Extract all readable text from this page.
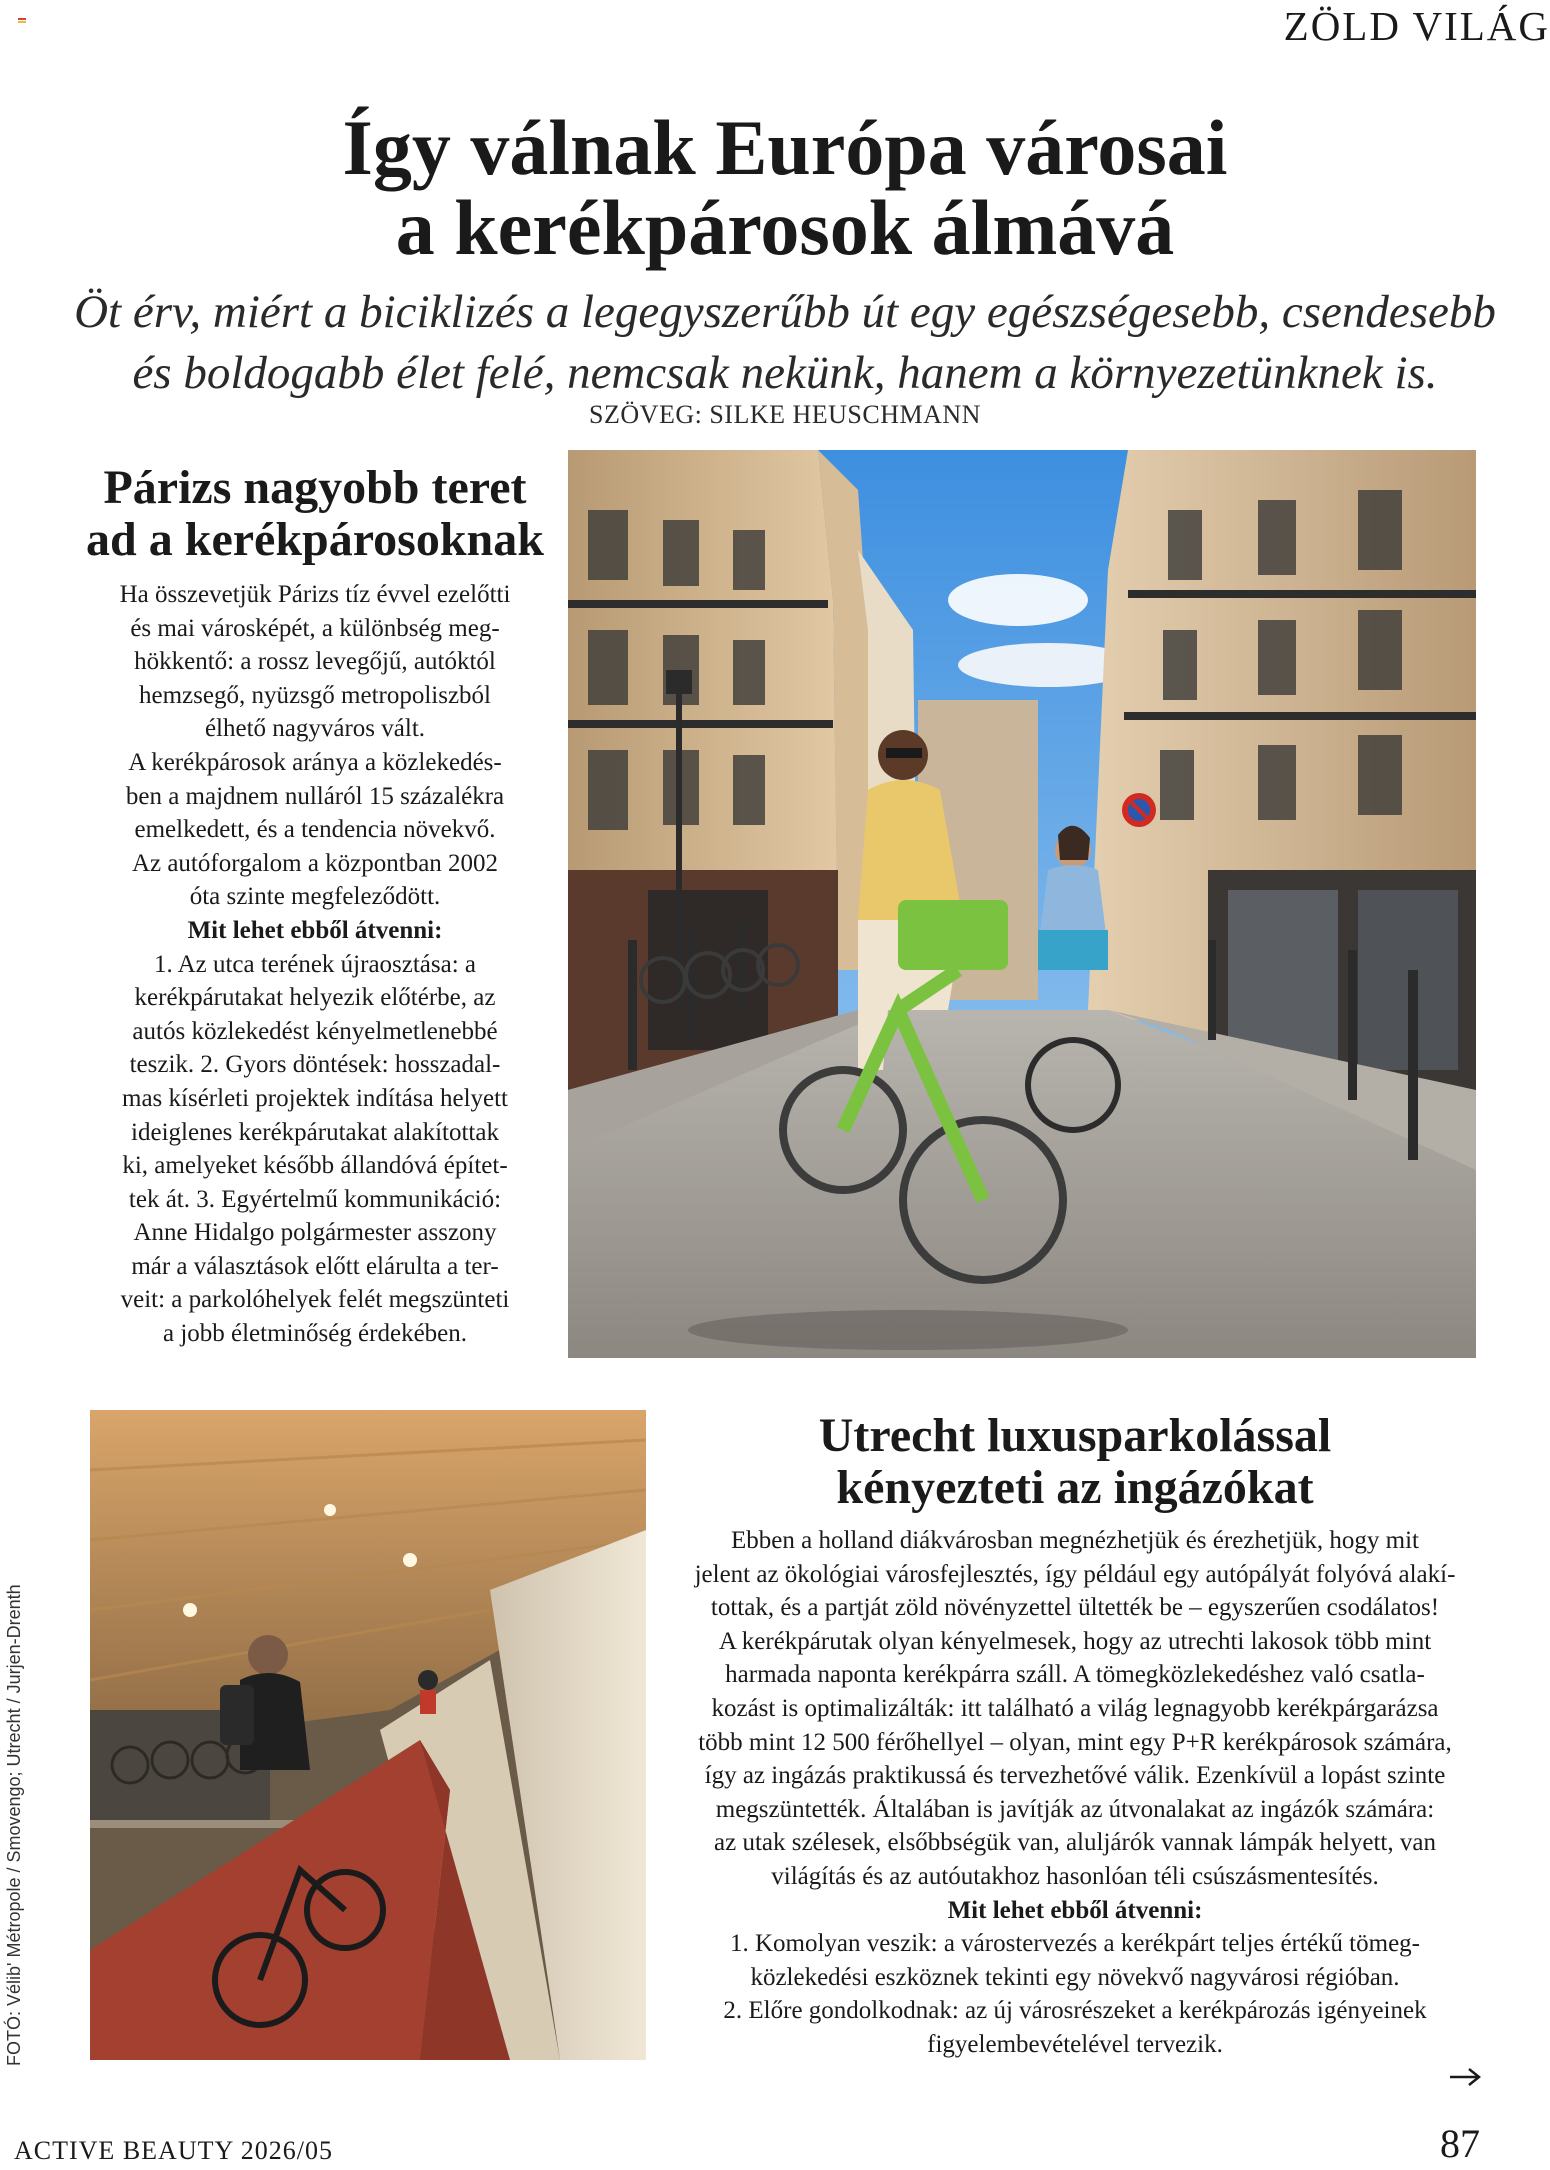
ZÖLD VILÁG
Így válnak Európa városai
a kerékpárosok álmává
Öt érv, miért a biciklizés a legegyszerűbb út egy egészségesebb, csendesebb
és boldogabb élet felé, nemcsak nekünk, hanem a környezetünknek is.
SZÖVEG: SILKE HEUSCHMANN
Párizs nagyobb teret
ad a kerékpárosoknak
Ha összevetjük Párizs tíz évvel ezelőtti
és mai városképét, a különbség meg-
hökkentő: a rossz levegőjű, autóktól
hemzsegő, nyüzsgő metropoliszból
élhető nagyváros vált.
A kerékpárosok aránya a közlekedés-
ben a majdnem nulláról 15 százalékra
emelkedett, és a tendencia növekvő.
Az autóforgalom a központban 2002
óta szinte megfeleződött.
Mit lehet ebből átvenni:
1. Az utca terének újraosztása: a
kerékpárutakat helyezik előtérbe, az
autós közlekedést kényelmetlenebbé
teszik. 2. Gyors döntések: hosszadal-
mas kísérleti projektek indítása helyett
ideiglenes kerékpárutakat alakítottak
ki, amelyeket később állandóvá építet-
tek át. 3. Egyértelmű kommunikáció:
Anne Hidalgo polgármester asszony
már a választások előtt elárulta a ter-
veit: a parkolóhelyek felét megszünteti
a jobb életminőség érdekében.
Utrecht luxusparkolással
kényezteti az ingázókat
Ebben a holland diákvárosban megnézhetjük és érezhetjük, hogy mit
jelent az ökológiai városfejlesztés, így például egy autópályát folyóvá alakí-
tottak, és a partját zöld növényzettel ültették be – egyszerűen csodálatos!
A kerékpárutak olyan kényelmesek, hogy az utrechti lakosok több mint
harmada naponta kerékpárra száll. A tömegközlekedéshez való csatla-
kozást is optimalizálták: itt található a világ legnagyobb kerékpárgarázsa
több mint 12 500 férőhellyel – olyan, mint egy P+R kerékpárosok számára,
így az ingázás praktikussá és tervezhetővé válik. Ezenkívül a lopást szinte
megszüntették. Általában is javítják az útvonalakat az ingázók számára:
az utak szélesek, elsőbbségük van, aluljárók vannak lámpák helyett, van
világítás és az autóutakhoz hasonlóan téli csúszásmentesítés.
Mit lehet ebből átvenni:
1. Komolyan veszik: a várostervezés a kerékpárt teljes értékű tömeg-
közlekedési eszköznek tekinti egy növekvő nagyvárosi régióban.
2. Előre gondolkodnak: az új városrészeket a kerékpározás igényeinek
figyelembevételével tervezik.
FOTÓ: Vélib' Métropole / Smovengo; Utrecht / Jurjen-Drenth
ACTIVE BEAUTY 2026/05	87
